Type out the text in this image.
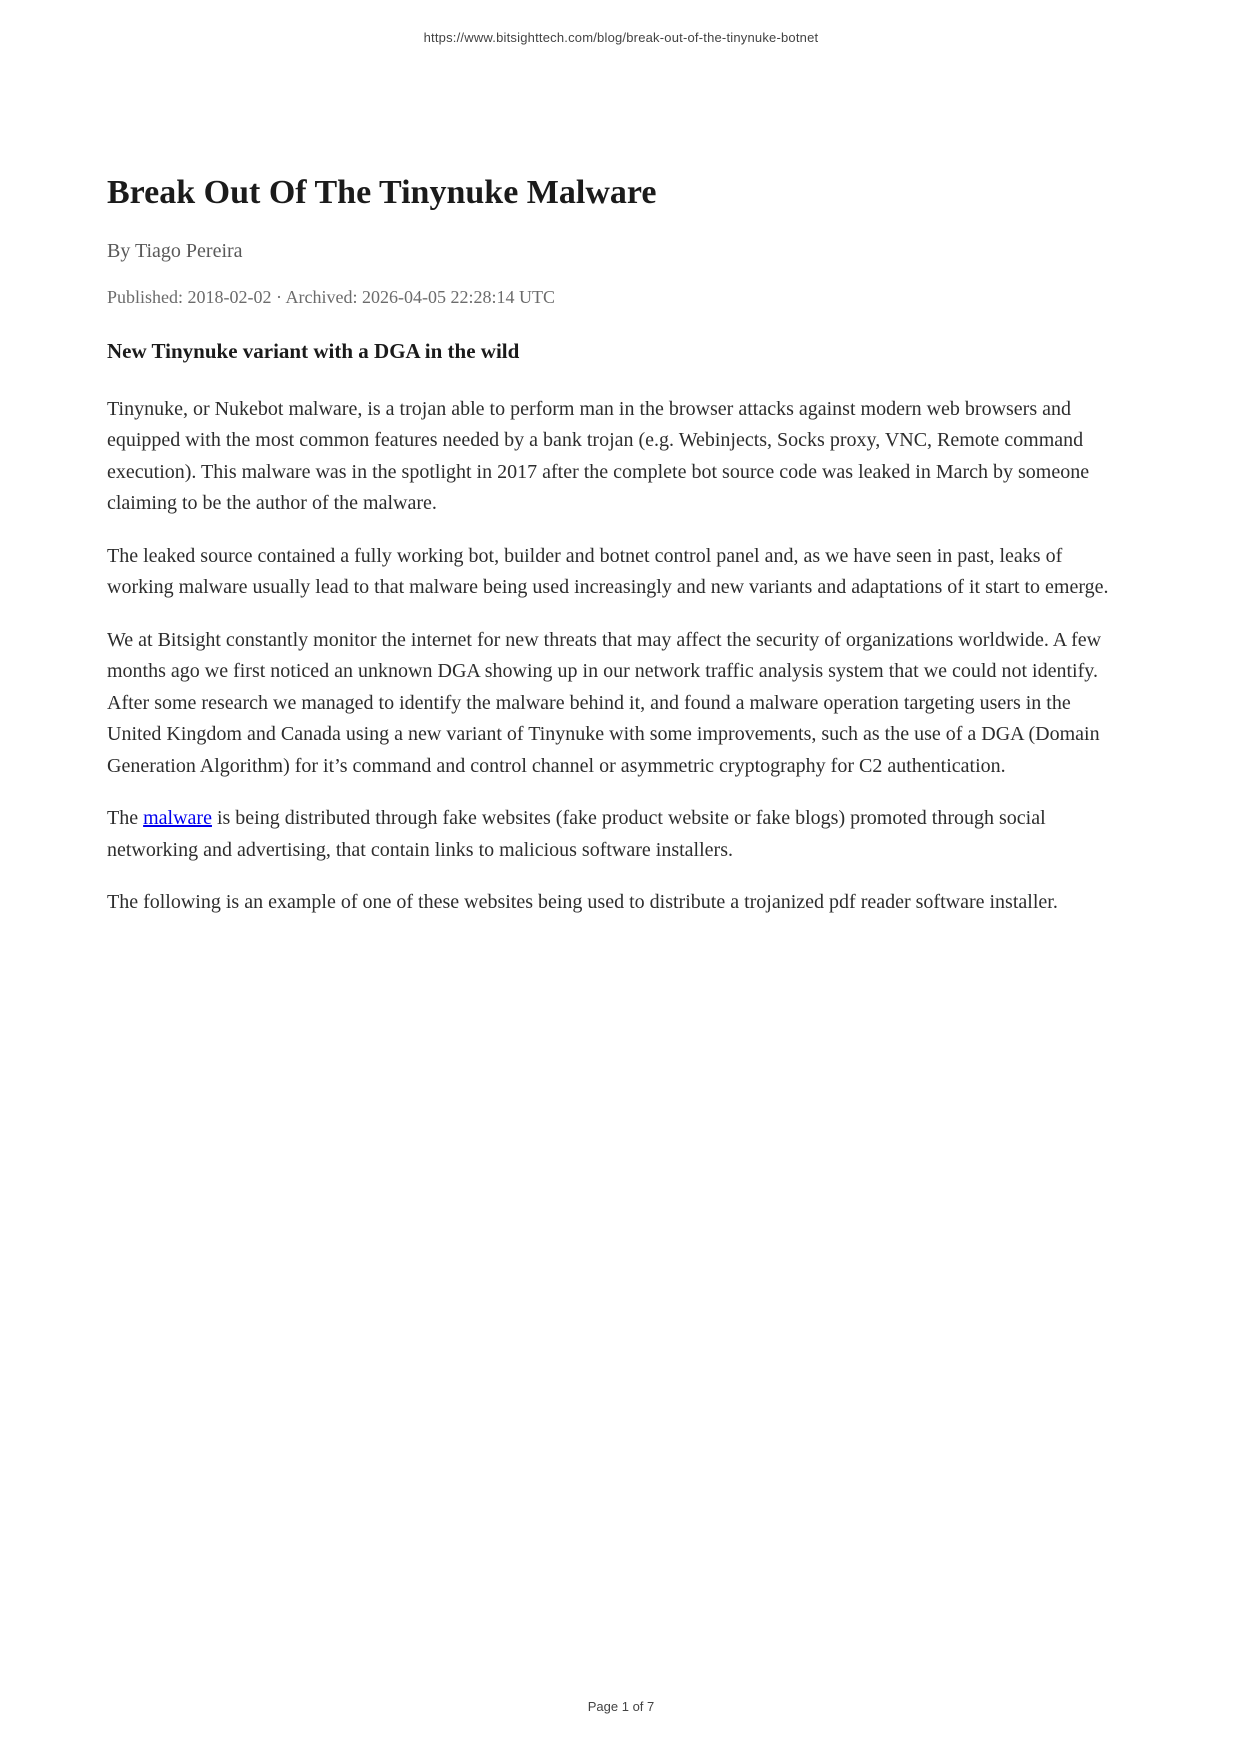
https://www.bitsighttech.com/blog/break-out-of-the-tinynuke-botnet
Break Out Of The Tinynuke Malware
By Tiago Pereira
Published: 2018-02-02 · Archived: 2026-04-05 22:28:14 UTC
New Tinynuke variant with a DGA in the wild

Tinynuke, or Nukebot malware, is a trojan able to perform man in the browser attacks against modern web browsers and equipped with the most common features needed by a bank trojan (e.g. Webinjects, Socks proxy, VNC, Remote command execution). This malware was in the spotlight in 2017 after the complete bot source code was leaked in March by someone claiming to be the author of the malware.

The leaked source contained a fully working bot, builder and botnet control panel and, as we have seen in past, leaks of working malware usually lead to that malware being used increasingly and new variants and adaptations of it start to emerge.

We at Bitsight constantly monitor the internet for new threats that may affect the security of organizations worldwide. A few months ago we first noticed an unknown DGA showing up in our network traffic analysis system that we could not identify. After some research we managed to identify the malware behind it, and found a malware operation targeting users in the United Kingdom and Canada using a new variant of Tinynuke with some improvements, such as the use of a DGA (Domain Generation Algorithm) for it’s command and control channel or asymmetric cryptography for C2 authentication.

The malware is being distributed through fake websites (fake product website or fake blogs) promoted through social networking and advertising, that contain links to malicious software installers.

The following is an example of one of these websites being used to distribute a trojanized pdf reader software installer.

Page 1 of 7
